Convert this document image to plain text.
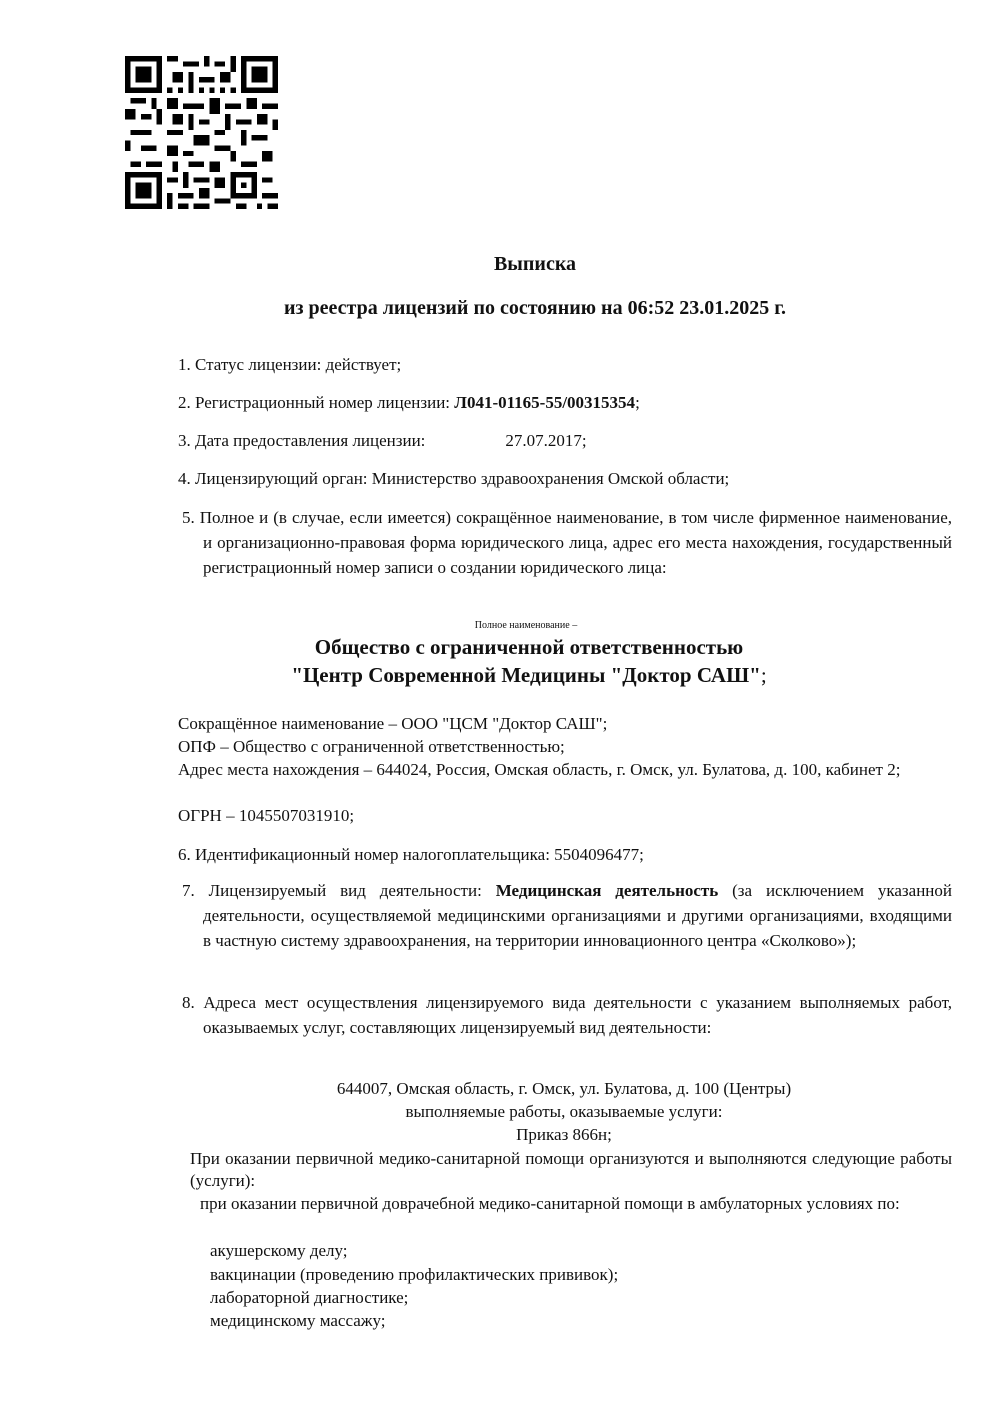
Выписка
из реестра лицензий по состоянию на 06:52 23.01.2025 г.
1. Статус лицензии: действует;
2. Регистрационный номер лицензии: Л041-01165-55/00315354;
3. Дата предоставления лицензии:	27.07.2017;
4. Лицензирующий орган: Министерство здравоохранения Омской области;
5. Полное и (в случае, если имеется) сокращённое наименование, в том числе фирменное наименование, и организационно-правовая форма юридического лица, адрес его места нахождения, государственный регистрационный номер записи о создании юридического лица:
Полное наименование –
Общество с ограниченной ответственностью
"Центр Современной Медицины "Доктор САШ";
Сокращённое наименование – ООО "ЦСМ "Доктор САШ";
ОПФ – Общество с ограниченной ответственностью;
Адрес места нахождения – 644024, Россия, Омская область, г. Омск, ул. Булатова, д. 100, кабинет 2;
ОГРН – 1045507031910;
6. Идентификационный номер налогоплательщика: 5504096477;
7. Лицензируемый вид деятельности: Медицинская деятельность (за исключением указанной деятельности, осуществляемой медицинскими организациями и другими организациями, входящими в частную систему здравоохранения, на территории инновационного центра «Сколково»);
8. Адреса мест осуществления лицензируемого вида деятельности с указанием выполняемых работ, оказываемых услуг, составляющих лицензируемый вид деятельности:
644007, Омская область, г. Омск, ул. Булатова, д. 100 (Центры)
выполняемые работы, оказываемые услуги:
Приказ 866н;
При оказании первичной медико-санитарной помощи организуются и выполняются следующие работы (услуги):
при оказании первичной доврачебной медико-санитарной помощи в амбулаторных условиях по:
акушерскому делу;
вакцинации (проведению профилактических прививок);
лабораторной диагностике;
медицинскому массажу;
